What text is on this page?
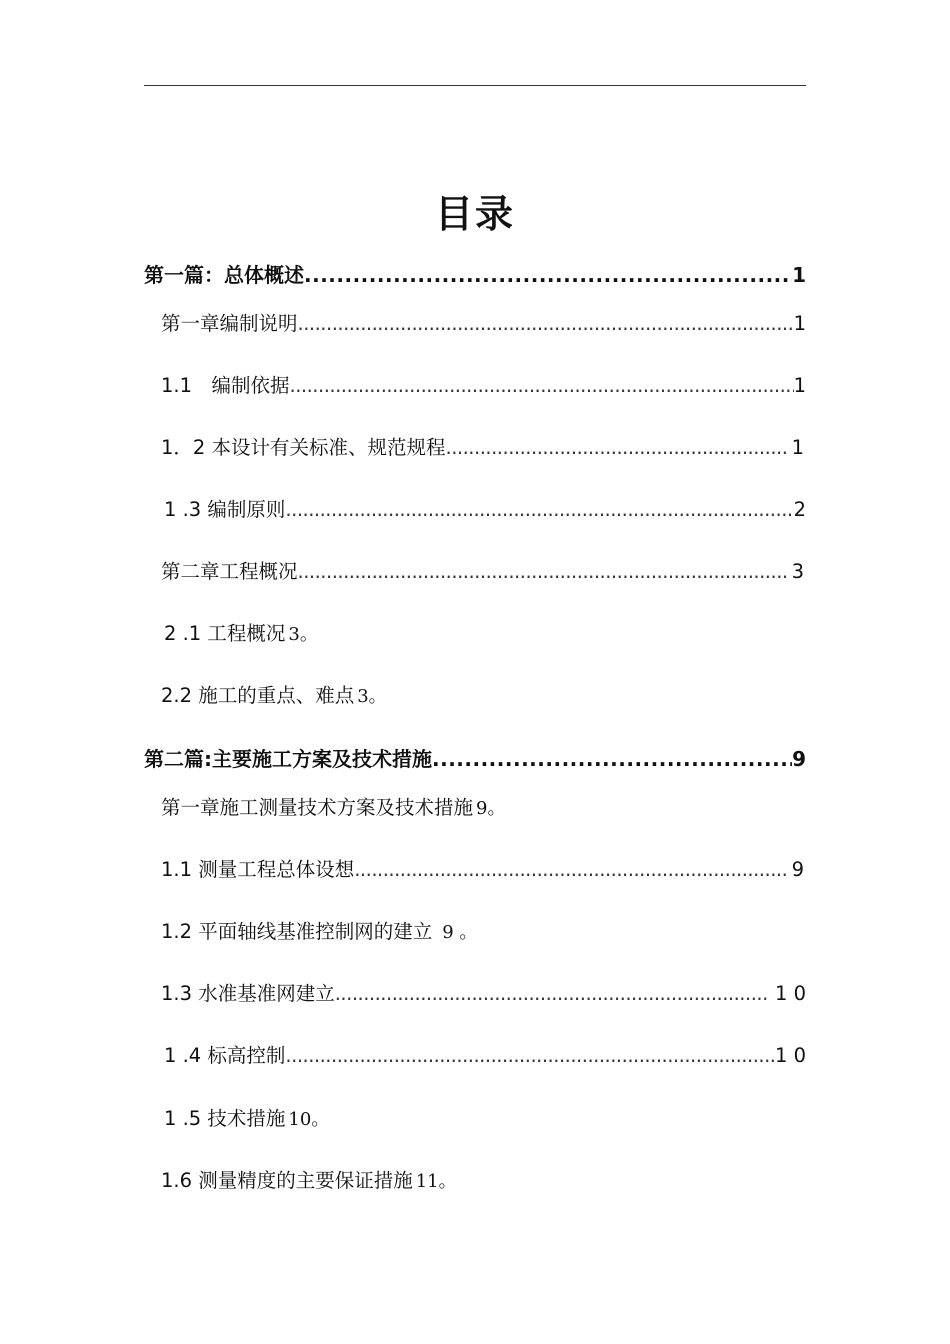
目录
第一篇：总体概述 .....	1
第一章编制说明 .....	1
1.1　编制依据 .....	1
1．2 本设计有关标准、规范规程 .....	1
1 .3 编制原则 .....	2
第二章工程概况 .....	3
2 .1 工程概况 3。
2.2 施工的重点、难点 3。
第二篇:主要施工方案及技术措施 .....	9
第一章施工测量技术方案及技术措施 9。
1.1 测量工程总体设想 .....	9
1.2 平面轴线基准控制网的建立 9 。
1.3 水准基准网建立 .....	1 0
1 .4 标高控制 .....	1 0
1 .5 技术措施 10。
1.6 测量精度的主要保证措施 11。
